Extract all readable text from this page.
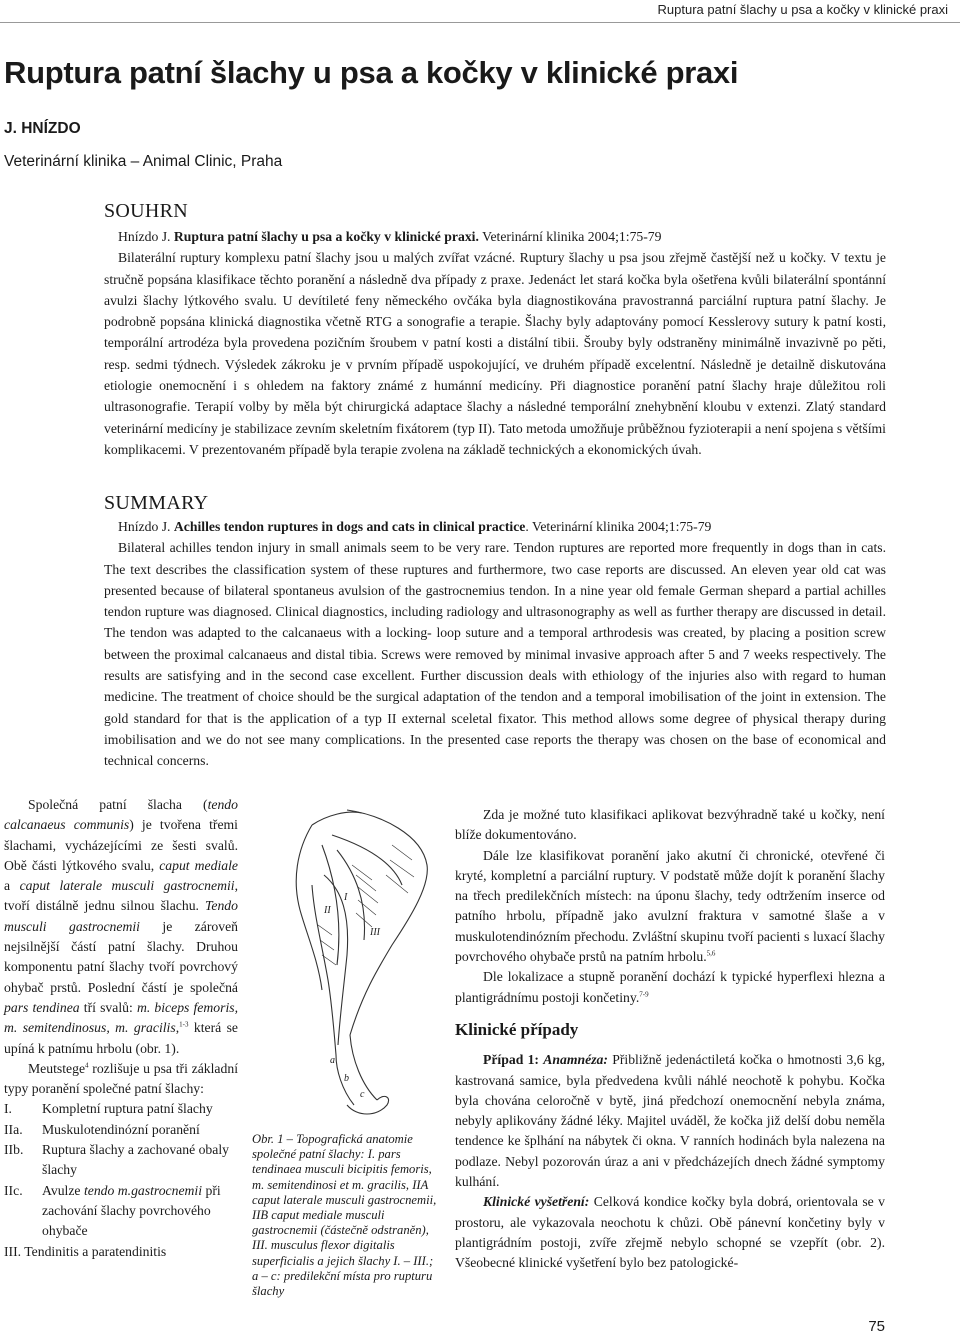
Ruptura patní šlachy u psa a kočky v klinické praxi
Ruptura patní šlachy u psa a kočky v klinické praxi
J. HNÍZDO
Veterinární klinika – Animal Clinic, Praha
SOUHRN
Hnízdo J. Ruptura patní šlachy u psa a kočky v klinické praxi. Veterinární klinika 2004;1:75-79

Bilaterální ruptury komplexu patní šlachy jsou u malých zvířat vzácné. Ruptury šlachy u psa jsou zřejmě častější než u kočky. V textu je stručně popsána klasifikace těchto poranění a následně dva případy z praxe. Jedenáct let stará kočka byla ošetřena kvůli bilaterální spontánní avulzi šlachy lýtkového svalu. U devítileté feny německého ovčáka byla diagnostikována pravostranná parciální ruptura patní šlachy. Je podrobně popsána klinická diagnostika včetně RTG a sonografie a terapie. Šlachy byly adaptovány pomocí Kesslerovy sutury k patní kosti, temporální artrodéza byla provedena pozičním šroubem v patní kosti a distální tibii. Šrouby byly odstraněny minimálně invazivně po pěti, resp. sedmi týdnech. Výsledek zákroku je v prvním případě uspokojující, ve druhém případě excelentní. Následně je detailně diskutována etiologie onemocnění i s ohledem na faktory známé z humánní medicíny. Při diagnostice poranění patní šlachy hraje důležitou roli ultrasonografie. Terapií volby by měla být chirurgická adaptace šlachy a následné temporální znehybnění kloubu v extenzi. Zlatý standard veterinární medicíny je stabilizace zevním skeletním fixátorem (typ II). Tato metoda umožňuje průběžnou fyzioterapii a není spojena s většími komplikacemi. V prezentovaném případě byla terapie zvolena na základě technických a ekonomických úvah.

SUMMARY
Hnízdo J. Achilles tendon ruptures in dogs and cats in clinical practice. Veterinární klinika 2004;1:75-79

Bilateral achilles tendon injury in small animals seem to be very rare. Tendon ruptures are reported more frequently in dogs than in cats. The text describes the classification system of these ruptures and furthermore, two case reports are discussed. An eleven year old cat was presented because of bilateral spontaneus avulsion of the gastrocnemius tendon. In a nine year old female German shepard a partial achilles tendon rupture was diagnosed. Clinical diagnostics, including radiology and ultrasonography as well as further therapy are discussed in detail. The tendon was adapted to the calcanaeus with a locking- loop suture and a temporal arthrodesis was created, by placing a position screw between the proximal calcanaeus and distal tibia. Screws were removed by minimal invasive approach after 5 and 7 weeks respectively. The results are satisfying and in the second case excellent. Further discussion deals with ethiology of the injuries also with regard to human medicine. The treatment of choice should be the surgical adaptation of the tendon and a temporal imobilisation of the joint in extension. The gold standard for that is the application of a typ II external sceletal fixator. This method allows some degree of physical therapy during imobilisation and we do not see many complications. In the presented case reports the therapy was chosen on the base of economical and technical concerns.

Společná patní šlacha (tendo calcanaeus communis) je tvořena třemi šlachami, vycházejícími ze šesti svalů. Obě části lýtkového svalu, caput mediale a caput laterale musculi gastrocnemii, tvoří distálně jednu silnou šlachu. Tendo musculi gastrocnemii je zároveň nejsilnější částí patní šlachy. Druhou komponentu patní šlachy tvoří povrchový ohybač prstů. Poslední částí je společná pars tendinea tří svalů: m. biceps femoris, m. semitendinosus, m. gracilis,$^{1-3}$ která se upíná k patnímu hrbolu (obr. 1).

Meutstege$^4$ rozlišuje u psa tři základní typy poranění společné patní šlachy:

I. Kompletní ruptura patní šlachy

IIa. Muskulotendinózní poranění

IIb. Ruptura šlachy a zachované obaly šlachy

IIc. Avulze tendo m.gastrocnemii při zachování šlachy povrchového ohybače

III. Tendinitis a paratendinitis

I
II
III
a
b
c
Obr. 1 – Topografická anatomie společné patní šlachy: I. pars tendinaea musculi bicipitis femoris, m. semitendinosi et m. gracilis, IIA caput laterale musculi gastrocnemii, IIB caput mediale musculi gastrocnemii (částečně odstraněn), III. musculus flexor digitalis superficialis a jejich šlachy I. – III.; a – c: predilekční místa pro rupturu šlachy

Zda je možné tuto klasifikaci aplikovat bezvýhradně také u kočky, není blíže dokumentováno.

Dále lze klasifikovat poranění jako akutní či chronické, otevřené či kryté, kompletní a parciální ruptury. V podstatě může dojít k poranění šlachy na třech predilekčních místech: na úponu šlachy, tedy odtržením inserce od patního hrbolu, případně jako avulzní fraktura v samotné šlaše a v muskulotendinózním přechodu. Zvláštní skupinu tvoří pacienti s luxací šlachy povrchového ohybače prstů na patním hrbolu.$^{5,6}$

Dle lokalizace a stupně poranění dochází k typické hyperflexi hlezna a plantigrádnímu postoji končetiny.$^{7-9}$

Klinické případy

Případ 1: Anamnéza: Přibližně jedenáctiletá kočka o hmotnosti 3,6 kg, kastrovaná samice, byla předvedena kvůli náhlé neochotě k pohybu. Kočka byla chována celoročně v bytě, jiná předchozí onemocnění nebyla známa, nebyly aplikovány žádné léky. Majitel uváděl, že kočka již delší dobu neměla tendence ke šplhání na nábytek či okna. V ranních hodinách byla nalezena na podlaze. Nebyl pozorován úraz a ani v předcházejích dnech žádné symptomy kulhání.

Klinické vyšetření: Celková kondice kočky byla dobrá, orientovala se v prostoru, ale vykazovala neochotu k chůzi. Obě pánevní končetiny byly v plantigrádním postoji, zvíře zřejmě nebylo schopné se vzepřít (obr. 2). Všeobecné klinické vyšetření bylo bez patologické-

75
